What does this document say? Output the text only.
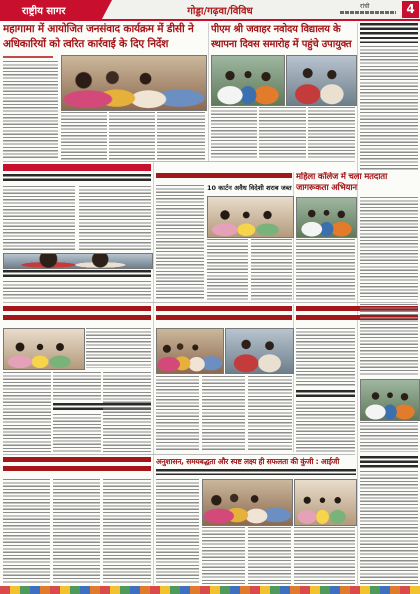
राष्ट्रीय सागर	गोड्डा/गढ़वा/विविध	रांची	4
महागामा में आयोजित जनसंवाद कार्यक्रम में डीसी ने अधिकारियों को त्वरित कार्रवाई के दिए निर्देश
पीएम श्री जवाहर नवोदय विद्यालय के स्थापना दिवस समारोह में पहुंचे उपायुक्त
10 कार्टन अवैध विदेशी शराब जब्त
महिला कॉलेज में चला मतदाता जागरूकता अभियान
अनुशासन, समयबद्धता और स्पष्ट लक्ष्य ही सफलता की कुंजी : आईजी
